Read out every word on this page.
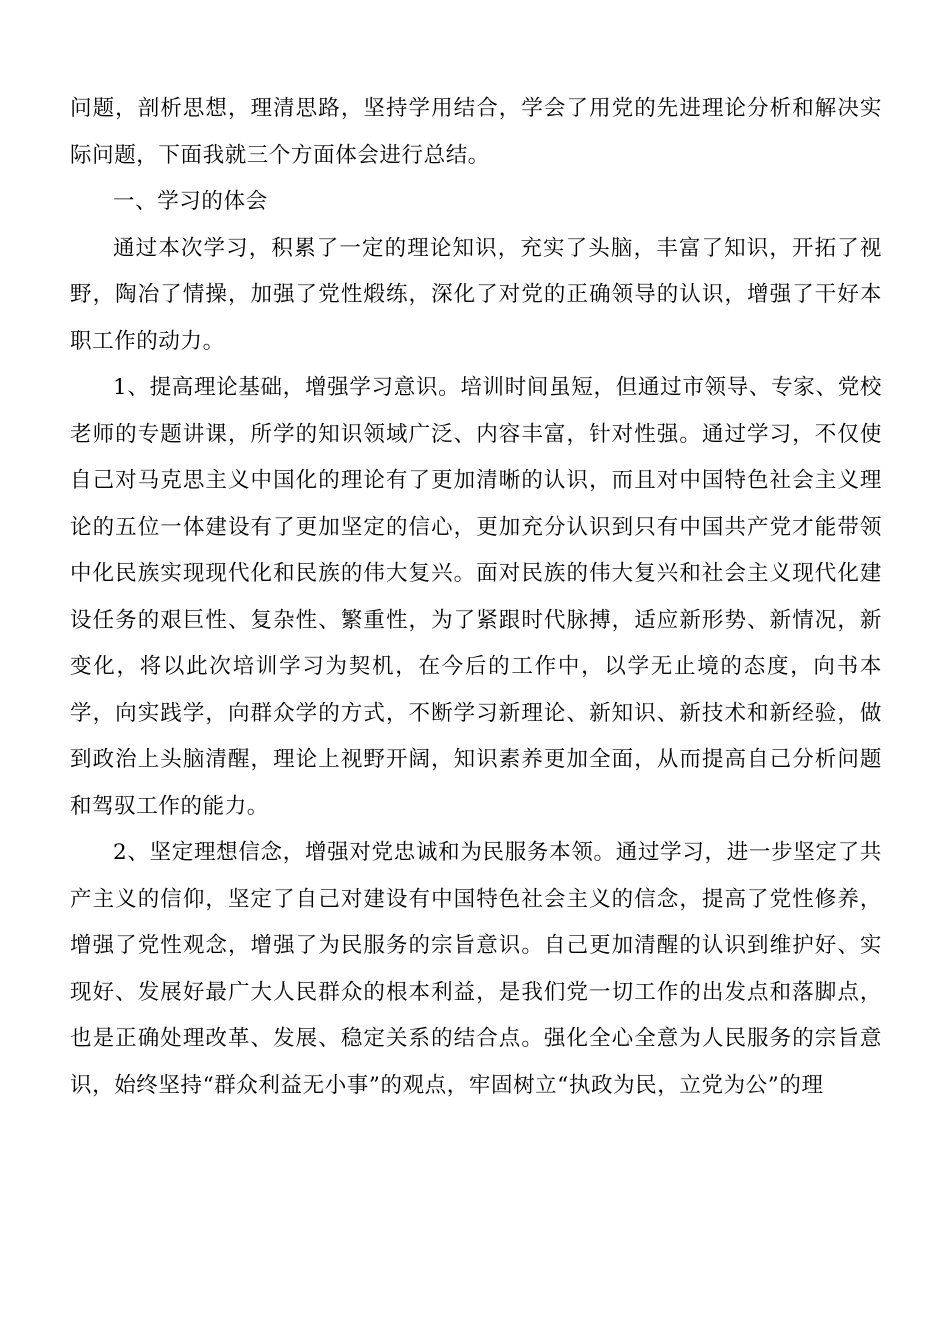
问题，剖析思想，理清思路，坚持学用结合，学会了用党的先进理论分析和解决实际问题，下面我就三个方面体会进行总结。

一、学习的体会

通过本次学习，积累了一定的理论知识，充实了头脑，丰富了知识，开拓了视野，陶冶了情操，加强了党性煅练，深化了对党的正确领导的认识，增强了干好本职工作的动力。

1、提高理论基础，增强学习意识。培训时间虽短，但通过市领导、专家、党校老师的专题讲课，所学的知识领域广泛、内容丰富，针对性强。通过学习，不仅使自己对马克思主义中国化的理论有了更加清晰的认识，而且对中国特色社会主义理论的五位一体建设有了更加坚定的信心，更加充分认识到只有中国共产党才能带领中化民族实现现代化和民族的伟大复兴。面对民族的伟大复兴和社会主义现代化建设任务的艰巨性、复杂性、繁重性，为了紧跟时代脉搏，适应新形势、新情况，新变化，将以此次培训学习为契机，在今后的工作中，以学无止境的态度，向书本学，向实践学，向群众学的方式，不断学习新理论、新知识、新技术和新经验，做到政治上头脑清醒，理论上视野开阔，知识素养更加全面，从而提高自己分析问题和驾驭工作的能力。

2、坚定理想信念，增强对党忠诚和为民服务本领。通过学习，进一步坚定了共产主义的信仰，坚定了自己对建设有中国特色社会主义的信念，提高了党性修养，增强了党性观念，增强了为民服务的宗旨意识。自己更加清醒的认识到维护好、实现好、发展好最广大人民群众的根本利益，是我们党一切工作的出发点和落脚点，也是正确处理改革、发展、稳定关系的结合点。强化全心全意为人民服务的宗旨意识，始终坚持“群众利益无小事”的观点，牢固树立“执政为民，立党为公”的理
